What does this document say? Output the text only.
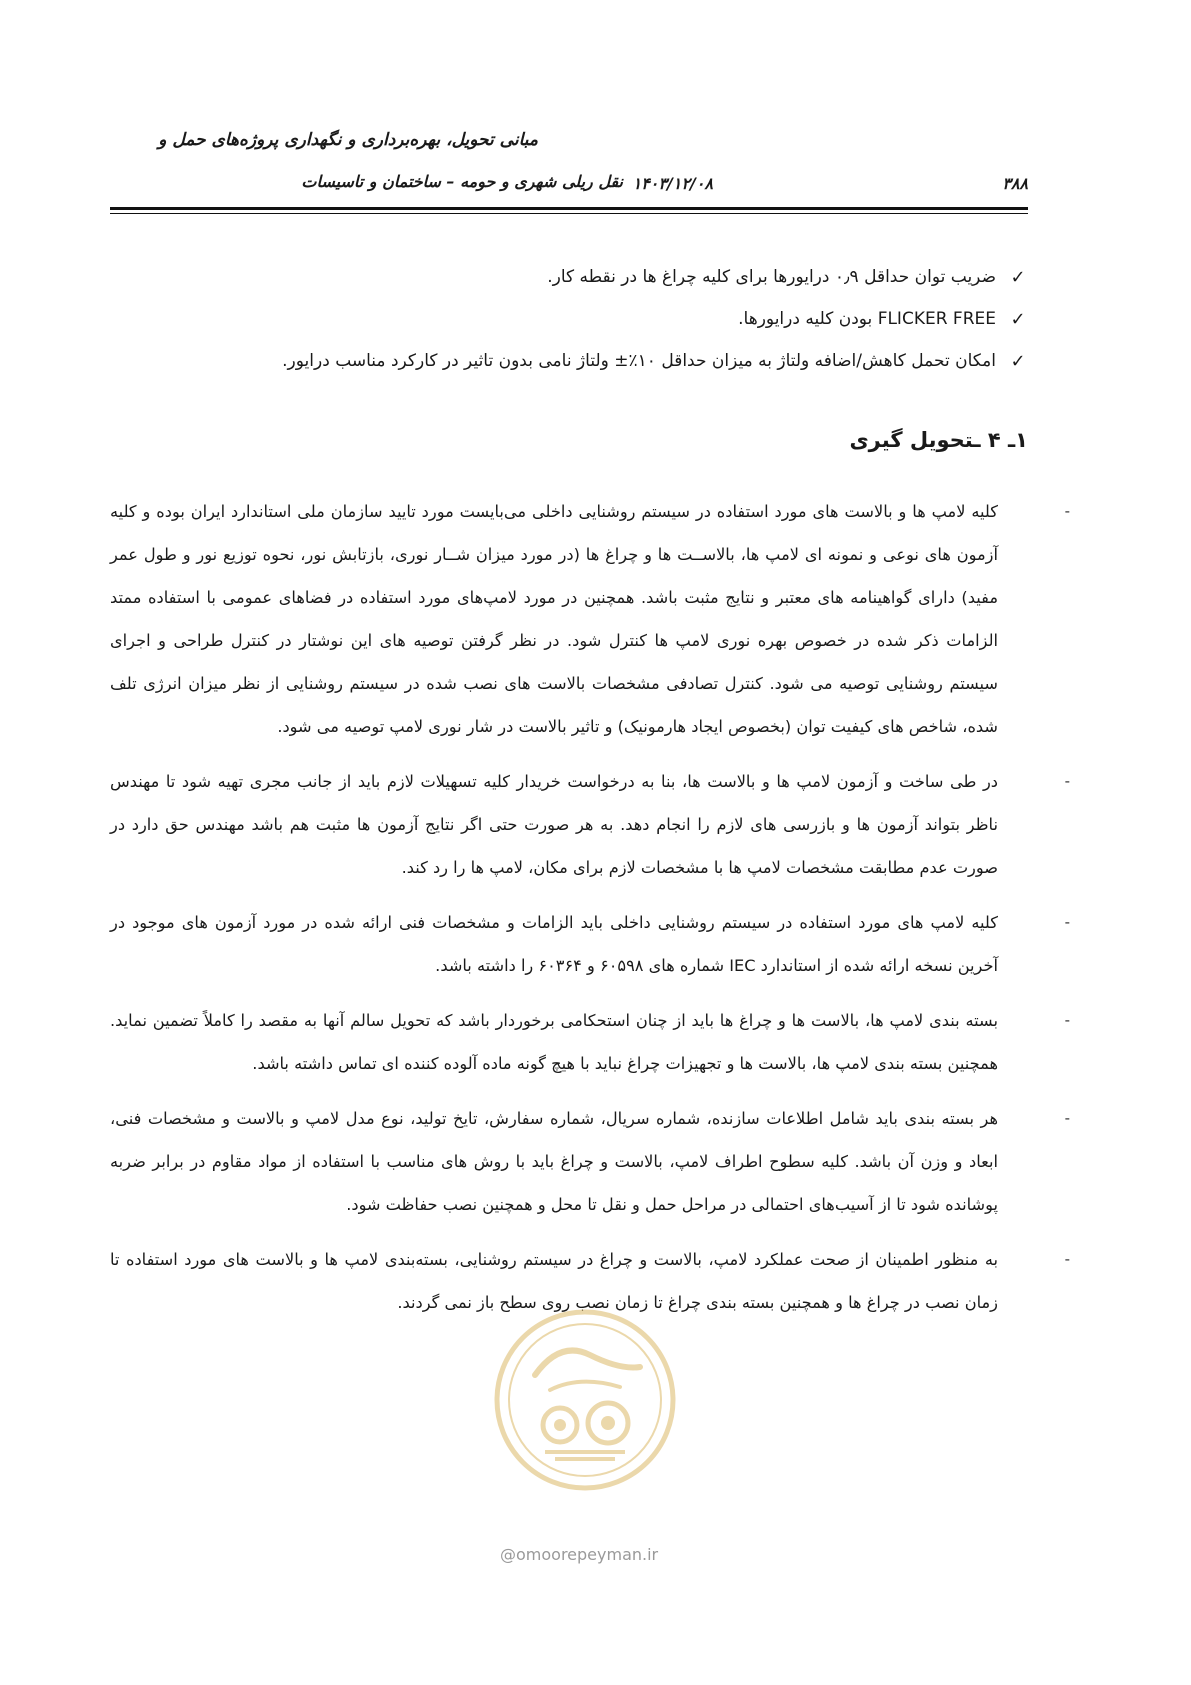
مبانی تحویل، بهره‌برداری و نگهداری پروژه‌های حمل و
نقل ریلی شهری و حومه – ساختمان و تاسیسات ۱۴۰۳/۱۲/۰۸	۳۸۸
✓
ضریب توان حداقل ۰٫۹ درایورها برای کلیه چراغ ها در نقطه کار.
✓
FLICKER FREE بودن کلیه درایورها.
✓
امکان تحمل کاهش/اضافه ولتاژ به میزان حداقل ۱۰٪± ولتاژ نامی بدون تاثیر در کارکرد مناسب درایور.
۱ـ ۴ ـتحویل گیری
-
کلیه لامپ ها و بالاست های مورد استفاده در سیستم روشنایی داخلی می‌بایست مورد تایید سازمان ملی استاندارد ایران بوده و کلیه آزمون های نوعی و نمونه ای لامپ ها، بالاســت ها و چراغ ها (در مورد میزان شــار نوری، بازتابش نور، نحوه توزیع نور و طول عمر مفید) دارای گواهینامه های معتبر و نتایج مثبت باشد. همچنین در مورد لامپ‌های مورد استفاده در فضاهای عمومی با استفاده ممتد الزامات ذکر شده در خصوص بهره نوری لامپ ها کنترل شود. در نظر گرفتن توصیه های این نوشتار در کنترل طراحی و اجرای سیستم روشنایی توصیه می شود. کنترل تصادفی مشخصات بالاست های نصب شده در سیستم روشنایی از نظر میزان انرژی تلف شده، شاخص های کیفیت توان (بخصوص ایجاد هارمونیک) و تاثیر بالاست در شار نوری لامپ توصیه می شود.
-
در طی ساخت و آزمون لامپ ها و بالاست ها، بنا به درخواست خریدار کلیه تسهیلات لازم باید از جانب مجری تهیه شود تا مهندس ناظر بتواند آزمون ها و بازرسی های لازم را انجام دهد. به هر صورت حتی اگر نتایج آزمون ها مثبت هم باشد مهندس حق دارد در صورت عدم مطابقت مشخصات لامپ ها با مشخصات لازم برای مکان، لامپ ها را رد کند.
-
کلیه لامپ های مورد استفاده در سیستم روشنایی داخلی باید الزامات و مشخصات فنی ارائه شده در مورد آزمون های موجود در آخرین نسخه ارائه شده از استاندارد IEC شماره های ۶۰۵۹۸ و ۶۰۳۶۴ را داشته باشد.
-
بسته بندی لامپ ها، بالاست ها و چراغ ها باید از چنان استحکامی برخوردار باشد که تحویل سالم آنها به مقصد را کاملاً تضمین نماید. همچنین بسته بندی لامپ ها، بالاست ها و تجهیزات چراغ نباید با هیچ گونه ماده آلوده کننده ای تماس داشته باشد.
-
هر بسته بندی باید شامل اطلاعات سازنده، شماره سریال، شماره سفارش، تایخ تولید، نوع مدل لامپ و بالاست و مشخصات فنی، ابعاد و وزن آن باشد. کلیه سطوح اطراف لامپ، بالاست و چراغ باید با روش های مناسب با استفاده از مواد مقاوم در برابر ضربه پوشانده شود تا از آسیب‌های احتمالی در مراحل حمل و نقل تا محل و همچنین نصب حفاظت شود.
-
به منظور اطمینان از صحت عملکرد لامپ، بالاست و چراغ در سیستم روشنایی، بسته‌بندی لامپ ها و بالاست های مورد استفاده تا زمان نصب در چراغ ها و همچنین بسته بندی چراغ تا زمان نصب روی سطح باز نمی گردند.
@omoorepeyman.ir
